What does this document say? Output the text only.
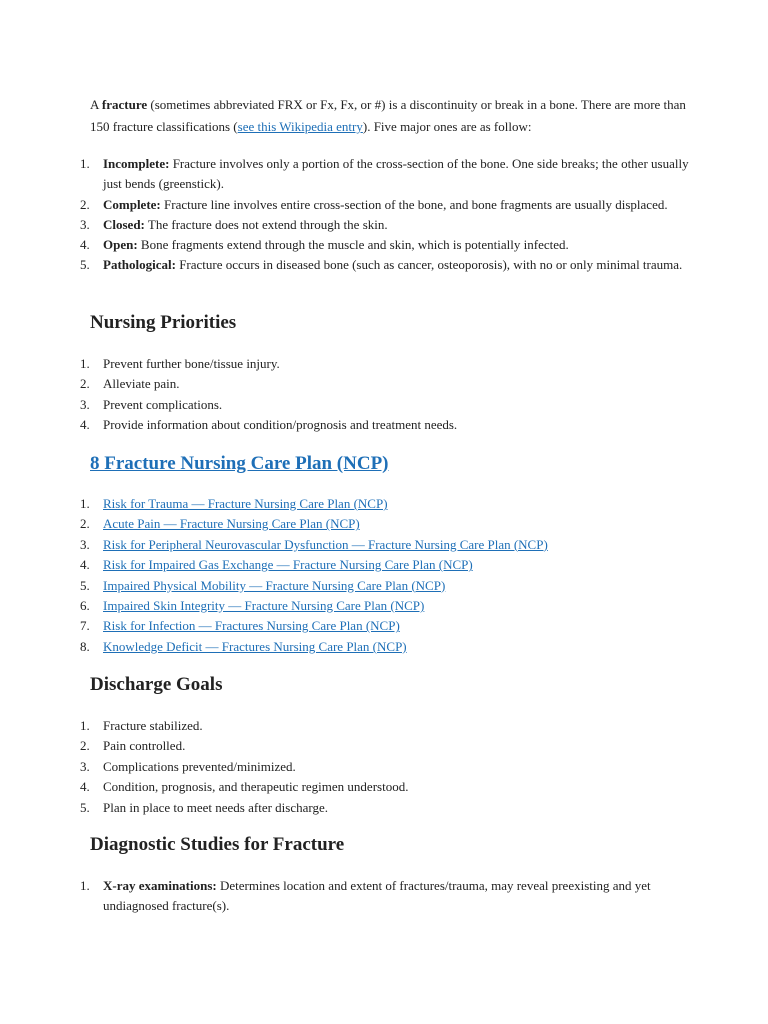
A fracture (sometimes abbreviated FRX or Fx, Fx, or #) is a discontinuity or break in a bone. There are more than 150 fracture classifications (see this Wikipedia entry). Five major ones are as follow:

1. Incomplete: Fracture involves only a portion of the cross-section of the bone. One side breaks; the other usually just bends (greenstick).
2. Complete: Fracture line involves entire cross-section of the bone, and bone fragments are usually displaced.
3. Closed: The fracture does not extend through the skin.
4. Open: Bone fragments extend through the muscle and skin, which is potentially infected.
5. Pathological: Fracture occurs in diseased bone (such as cancer, osteoporosis), with no or only minimal trauma.
Nursing Priorities
1. Prevent further bone/tissue injury.
2. Alleviate pain.
3. Prevent complications.
4. Provide information about condition/prognosis and treatment needs.
8 Fracture Nursing Care Plan (NCP)
1. Risk for Trauma — Fracture Nursing Care Plan (NCP)
2. Acute Pain — Fracture Nursing Care Plan (NCP)
3. Risk for Peripheral Neurovascular Dysfunction — Fracture Nursing Care Plan (NCP)
4. Risk for Impaired Gas Exchange — Fracture Nursing Care Plan (NCP)
5. Impaired Physical Mobility — Fracture Nursing Care Plan (NCP)
6. Impaired Skin Integrity — Fracture Nursing Care Plan (NCP)
7. Risk for Infection — Fractures Nursing Care Plan (NCP)
8. Knowledge Deficit — Fractures Nursing Care Plan (NCP)
Discharge Goals
1. Fracture stabilized.
2. Pain controlled.
3. Complications prevented/minimized.
4. Condition, prognosis, and therapeutic regimen understood.
5. Plan in place to meet needs after discharge.
Diagnostic Studies for Fracture
1. X-ray examinations: Determines location and extent of fractures/trauma, may reveal preexisting and yet undiagnosed fracture(s).
